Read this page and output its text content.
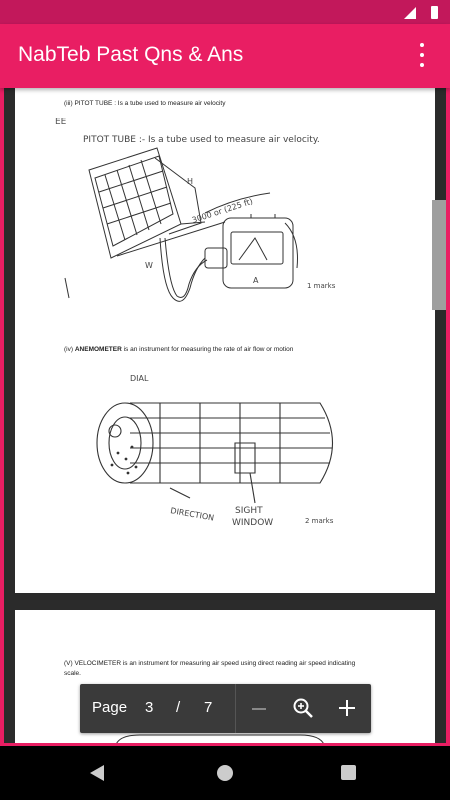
NabTeb Past Qns & Ans
(iii) PITOT TUBE : Is a tube used to measure air velocity
(iv) ANEMOMETER is an instrument for measuring the rate of air flow or motion
EE
PITOT TUBE :- Is a tube used to measure air velocity.
3000 or (225 ft)
H
W
A
1 marks
DIAL
DIRECTION SIGHT
WINDOW	2 marks
(V) VELOCIMETER is an instrument for measuring air speed using direct reading air speed indicating
scale.
Page 3 / 7
